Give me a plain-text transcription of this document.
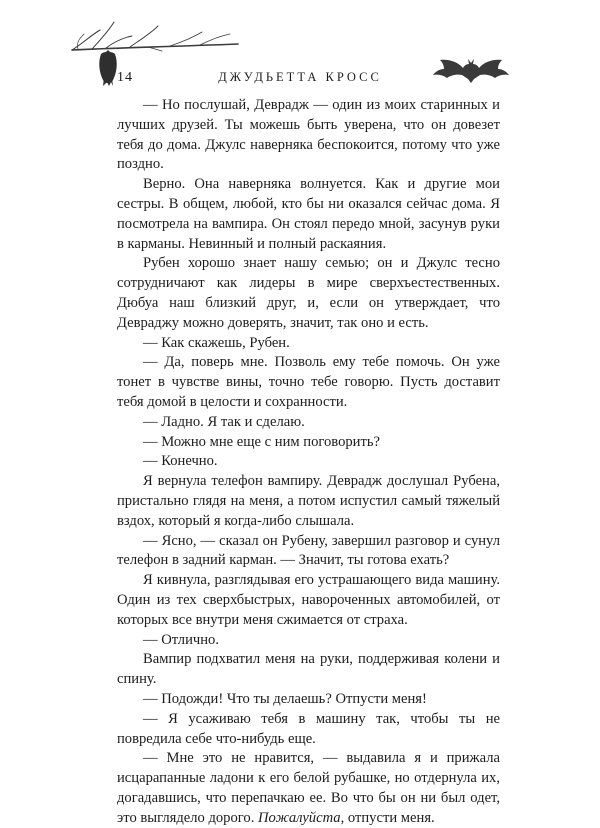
14	ДЖУДЬЕТТА КРОСС

— Но послушай, Деврадж — один из моих старинных и лучших друзей. Ты можешь быть уверена, что он довезет тебя до дома. Джулс наверняка беспокоится, потому что уже поздно.

Верно. Она наверняка волнуется. Как и другие мои сестры. В общем, любой, кто бы ни оказался сейчас дома. Я посмотрела на вампира. Он стоял передо мной, засунув руки в карманы. Невинный и полный раскаяния.

Рубен хорошо знает нашу семью; он и Джулс тесно сотрудничают как лидеры в мире сверхъестественных. Дюбуа наш близкий друг, и, если он утверждает, что Девраджу можно доверять, значит, так оно и есть.

— Как скажешь, Рубен.

— Да, поверь мне. Позволь ему тебе помочь. Он уже тонет в чувстве вины, точно тебе говорю. Пусть доставит тебя домой в целости и сохранности.

— Ладно. Я так и сделаю.

— Можно мне еще с ним поговорить?

— Конечно.

Я вернула телефон вампиру. Деврадж дослушал Рубена, пристально глядя на меня, а потом испустил самый тяжелый вздох, который я когда-либо слышала.

— Ясно, — сказал он Рубену, завершил разговор и сунул телефон в задний карман. — Значит, ты готова ехать?

Я кивнула, разглядывая его устрашающего вида машину. Один из тех сверхбыстрых, навороченных автомобилей, от которых все внутри меня сжимается от страха.

— Отлично.

Вампир подхватил меня на руки, поддерживая колени и спину.

— Подожди! Что ты делаешь? Отпусти меня!

— Я усаживаю тебя в машину так, чтобы ты не повредила себе что-нибудь еще.

— Мне это не нравится, — выдавила я и прижала исцарапанные ладони к его белой рубашке, но отдернула их, догадавшись, что перепачкаю ее. Во что бы он ни был одет, это выглядело дорого. Пожалуйста, отпусти меня.
